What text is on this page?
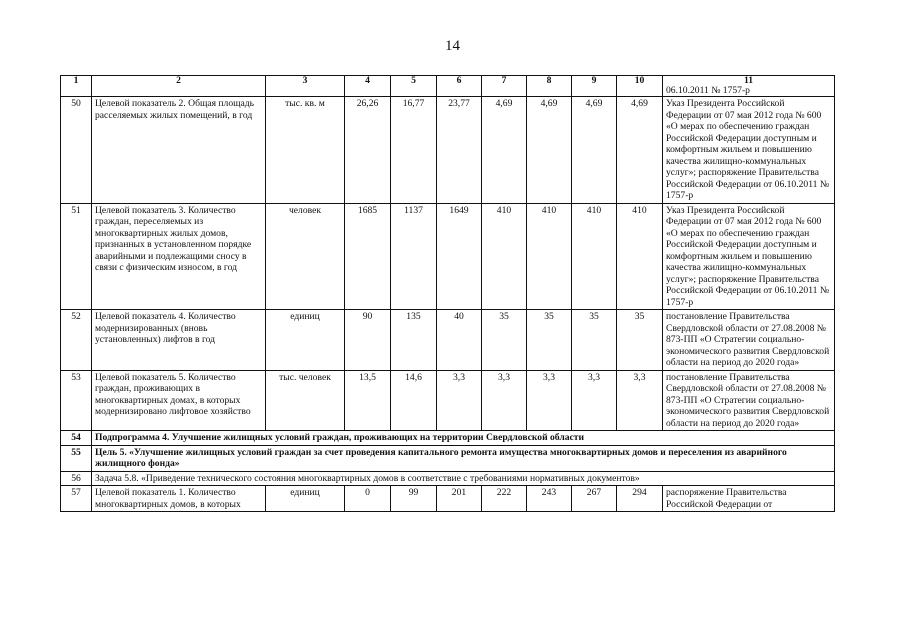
14
1	2	3	4	5	6	7	8	9	10	11
06.10.2011 № 1757-р

50	Целевой показатель 2. Общая площадь расселяемых жилых помещений, в год	тыс. кв. м	26,26	16,77	23,77	4,69	4,69	4,69	4,69	Указ Президента Российской Федерации от 07 мая 2012 года № 600 «О мерах по обеспечению граждан Российской Федерации доступным и комфортным жильем и повышению качества жилищно-коммунальных услуг»; распоряжение Правительства Российской Федерации от 06.10.2011 № 1757-р
51	Целевой показатель 3. Количество граждан, переселяемых из многоквартирных жилых домов, признанных в установленном порядке аварийными и подлежащими сносу в связи с физическим износом, в год	человек	1685	1137	1649	410	410	410	410	Указ Президента Российской Федерации от 07 мая 2012 года № 600 «О мерах по обеспечению граждан Российской Федерации доступным и комфортным жильем и повышению качества жилищно-коммунальных услуг»; распоряжение Правительства Российской Федерации от 06.10.2011 № 1757-р
52	Целевой показатель 4. Количество модернизированных (вновь установленных) лифтов в год	единиц	90	135	40	35	35	35	35	постановление Правительства Свердловской области от 27.08.2008 № 873-ПП «О Стратегии социально-экономического развития Свердловской области на период до 2020 года»
53	Целевой показатель 5. Количество граждан, проживающих в многоквартирных домах, в которых модернизировано лифтовое хозяйство	тыс. человек	13,5	14,6	3,3	3,3	3,3	3,3	3,3	постановление Правительства Свердловской области от 27.08.2008 № 873-ПП «О Стратегии социально-экономического развития Свердловской области на период до 2020 года»
54	Подпрограмма 4. Улучшение жилищных условий граждан, проживающих на территории Свердловской области									
55	Цель 5. «Улучшение жилищных условий граждан за счет проведения капитального ремонта имущества многоквартирных домов и переселения из аварийного жилищного фонда»									
56	Задача 5.8. «Приведение технического состояния многоквартирных домов в соответствие с требованиями нормативных документов»									
57	Целевой показатель 1. Количество многоквартирных домов, в которых	единиц	0	99	201	222	243	267	294	распоряжение Правительства Российской Федерации от
